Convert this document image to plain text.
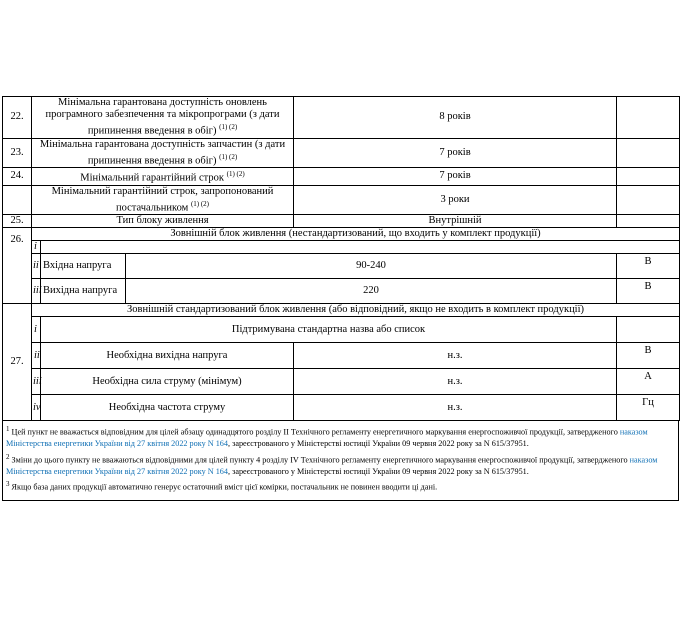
22.	Мінімальна гарантована доступність оновлень програмного забезпечення та мікропрограми (з дати припинення введення в обіг) $^{(1) (2)}$			8 років	
23.	Мінімальна гарантована доступність запчастин (з дати припинення введення в обіг) $^{(1) (2)}$			7 років	
24.	Мінімальний гарантійний строк $^{(1) (2)}$			7 років	
	Мінімальний гарантійний строк, запропонований постачальником $^{(1) (2)}$			3 роки	
25.	Тип блоку живлення			Внутрішній	
26.	Зовнішній блок живлення (нестандартизований, що входить у комплект продукції)				
	i				
	ii	Вхідна напруга	90-240		В
	iii	Вихідна напруга	220		В
27.	Зовнішній стандартизований блок живлення (або відповідний, якщо не входить в комплект продукції)				
	i	Підтримувана стандартна назва або список			
	ii	Необхідна вихідна напруга		н.з.	В
	iii	Необхідна сила струму (мінімум)		н.з.	А
	iv	Необхідна частота струму		н.з.	Гц

$^1$ Цей пункт не вважається відповідним для цілей абзацу одинадцятого розділу II Технічного регламенту енергетичного маркування енергоспоживчої продукції, затвердженого наказом Міністерства енергетики України від 27 квітня 2022 року N 164, зареєстрованого у Міністерстві юстиції України 09 червня 2022 року за N 615/37951.

$^2$ Зміни до цього пункту не вважаються відповідними для цілей пункту 4 розділу IV Технічного регламенту енергетичного маркування енергоспоживчої продукції, затвердженого наказом Міністерства енергетики України від 27 квітня 2022 року N 164, зареєстрованого у Міністерстві юстиції України 09 червня 2022 року за N 615/37951.

$^3$ Якщо база даних продукції автоматично генерує остаточний вміст цієї комірки, постачальник не повинен вводити ці дані.
